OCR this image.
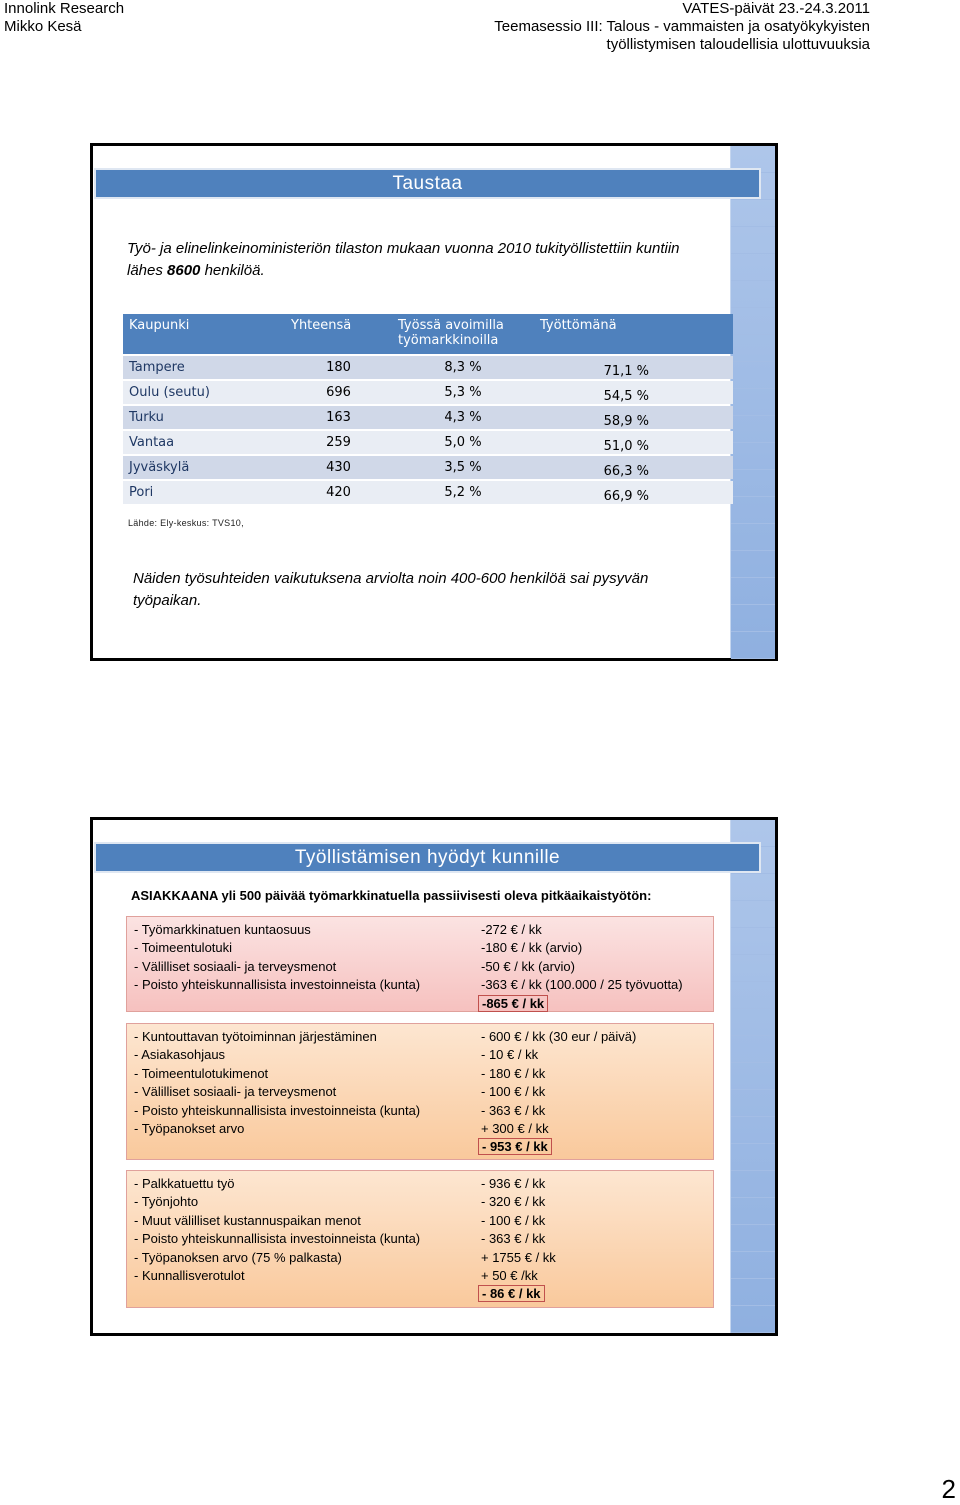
Innolink Research
Mikko Kesä
VATES-päivät 23.-24.3.2011
Teemasessio III: Talous - vammaisten ja osatyökykyisten
työllistymisen taloudellisia ulottuvuuksia
Taustaa
Työ- ja elinelinkeinoministeriön tilaston mukaan vuonna 2010 tukityöllistettiin kuntiin lähes 8600 henkilöä.
Kaupunki	Yhteensä	Työssä avoimilla työmarkkinoilla	Työttömänä
Tampere	180	8,3 %	71,1 %
Oulu (seutu)	696	5,3 %	54,5 %
Turku	163	4,3 %	58,9 %
Vantaa	259	5,0 %	51,0 %
Jyväskylä	430	3,5 %	66,3 %
Pori	420	5,2 %	66,9 %
Lähde: Ely-keskus: TVS10,
Näiden työsuhteiden vaikutuksena arviolta noin 400-600 henkilöä sai pysyvän työpaikan.
Työllistämisen hyödyt kunnille
ASIAKKAANA yli 500 päivää työmarkkinatuella passiivisesti oleva pitkäaikaistyötön:
- Työmarkkinatuen kuntaosuus	-272 € / kk
- Toimeentulotuki	-180 € / kk (arvio)
- Välilliset sosiaali- ja terveysmenot	-50 € / kk (arvio)
- Poisto yhteiskunnallisista investoinneista (kunta)	-363 € / kk (100.000 / 25 työvuotta)
-865 € / kk
- Kuntouttavan työtoiminnan järjestäminen	- 600 € / kk (30 eur / päivä)
- Asiakasohjaus	- 10 € / kk
- Toimeentulotukimenot	- 180 € / kk
- Välilliset sosiaali- ja terveysmenot	- 100 € / kk
- Poisto yhteiskunnallisista investoinneista (kunta)	- 363 € / kk
- Työpanokset arvo	+ 300 € / kk
- 953 € / kk
- Palkkatuettu työ	- 936 € / kk
- Työnjohto	- 320 € / kk
- Muut välilliset kustannuspaikan menot	- 100 € / kk
- Poisto yhteiskunnallisista investoinneista (kunta)	- 363 € / kk
- Työpanoksen arvo (75 % palkasta)	+ 1755 € / kk
- Kunnallisverotulot	+ 50 € /kk
- 86 € / kk
2
